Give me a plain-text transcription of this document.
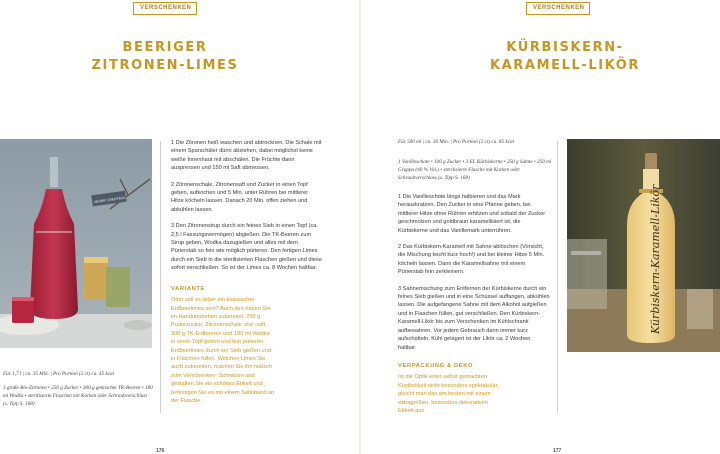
VERSCHENKEN
BEERIGER
ZITRONEN-LIMES
MERRY CHRISTMAS

Für 1,7 l | ca. 35 Min. | Pro Portion (2 cl) ca. 45 kcal

3 große Bio-Zitronen • 250 g Zucker • 300 g gemischte TK-Beeren • 180 ml Wodka • sterilisierte Flaschen mit Korken oder Schraubverschluss (s. Tipp S. 168)

1 Die Zitronen heiß waschen und abtrocknen. Die Schale mit einem Sparschäler dünn abziehen, dabei möglichst keine weiße Innenhaut mit abschälen. Die Früchte dann auspressen und 150 ml Saft abmessen.

2 Zitronenschale, Zitronensaft und Zucker in einen Topf geben, aufkochen und 5 Min. unter Rühren bei mittlerer Hitze köcheln lassen. Danach 20 Min. offen ziehen und abkühlen lassen.

3 Den Zitronensirup durch ein feines Sieb in einen Topf (ca. 2,5 l Fassungsvermögen) abgießen. Die TK-Beeren zum Sirup geben, Wodka dazugießen und alles mit dem Pürierstab so fein wie möglich pürieren. Den fertigen Limes durch ein Sieb in die sterilisierten Flaschen gießen und diese sofort verschließen. So ist der Limes ca. 8 Wochen haltbar.

VARIANTE
Oder soll es lieber ein klassischer Erdbeerlimes sein? Auch den haben Sie im Handumdrehen zubereitet. 250 g Puderzucker, Zitronenschale und -saft, 300 g TK-Erdbeeren und 180 ml Wodka in einen Topf geben und fein pürieren. Erdbeerlimes durch ein Sieb gießen und in Flaschen füllen. Welchen Limes Sie auch zubereiten, machen Sie ihn hübsch zum Verschenken: Schreiben und gestalten Sie ein schönes Etikett und befestigen Sie es mit einem Satinband an der Flasche.
176
VERSCHENKEN
KÜRBISKERN-
KARAMELL-LIKÖR

Für 500 ml | ca. 30 Min. | Pro Portion (2 cl) ca. 85 kcal

1 Vanilleschote • 100 g Zucker • 3 EL Kürbiskerne • 250 g Sahne • 250 ml Grappa (40 % Vol.) • sterilisierte Flasche mit Korken oder Schraubverschluss (s. Tipp S. 168)

1 Die Vanilleschote längs halbieren und das Mark herauskratzen. Den Zucker in eine Pfanne geben, bei mittlerer Hitze ohne Rühren erhitzen und sobald der Zucker geschmolzen und goldbraun karamellisiert ist, die Kürbiskerne und das Vanillemark unterrühren.

2 Das Kürbiskern-Karamell mit Sahne ablöschen (Vorsicht, die Mischung kocht kurz hoch!) und bei kleiner Hitze 5 Min. köcheln lassen. Dann die Karamellsahne mit einem Pürierstab fein zerkleinern.

3 Sahnemischung zum Entfernen der Kürbiskerne durch ein feines Sieb gießen und in eine Schüssel auffangen, abkühlen lassen. Die aufgefangene Sahne mit dem Alkohol aufgießen und in Flaschen füllen, gut verschließen. Den Kürbiskern-Karamell-Likör bis zum Verschenken im Kühlschrank aufbewahren. Vor jedem Gebrauch dann immer kurz aufschütteln. Kühl gelagert ist der Likör ca. 2 Wochen haltbar.

VERPACKUNG & DEKO
Ist die Optik einer selbst gemachten Köstlichkeit nicht besonders spektakulär, gleicht man das am besten mit einem extragroßen, besonders dekorativen Etikett aus.
Kürbiskern-Karamell-Likör
177
